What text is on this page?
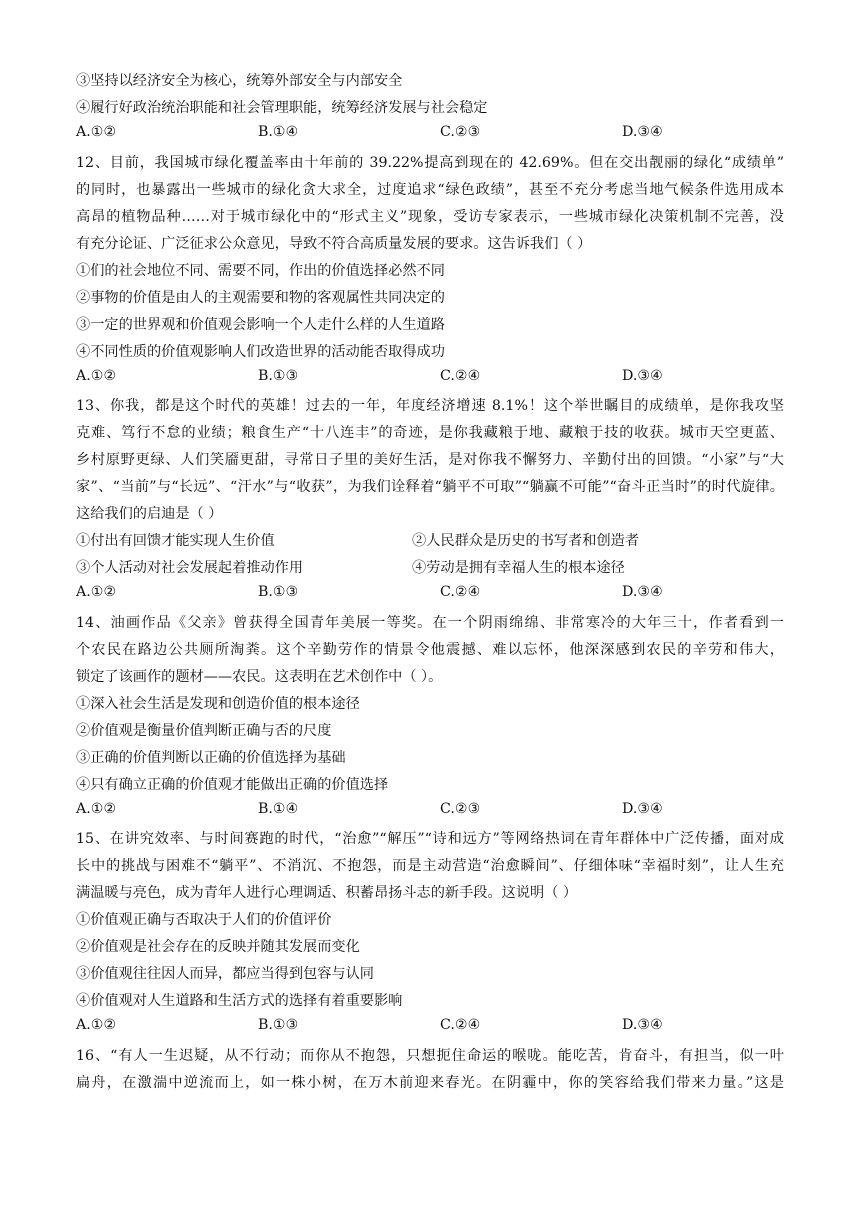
③坚持以经济安全为核心，统筹外部安全与内部安全
④履行好政治统治职能和社会管理职能，统筹经济发展与社会稳定
A.①②	B.①④	C.②③	D.③④
12、目前，我国城市绿化覆盖率由十年前的 39.22%提高到现在的 42.69%。但在交出靓丽的绿化“成绩单”
的同时，也暴露出一些城市的绿化贪大求全，过度追求“绿色政绩”，甚至不充分考虑当地气候条件选用成本
高昂的植物品种……对于城市绿化中的“形式主义”现象，受访专家表示，一些城市绿化决策机制不完善，没
有充分论证、广泛征求公众意见，导致不符合高质量发展的要求。这告诉我们（ ）
①们的社会地位不同、需要不同，作出的价值选择必然不同
②事物的价值是由人的主观需要和物的客观属性共同决定的
③一定的世界观和价值观会影响一个人走什么样的人生道路
④不同性质的价值观影响人们改造世界的活动能否取得成功
A.①②	B.①③	C.②④	D.③④
13、你我，都是这个时代的英雄！过去的一年，年度经济增速 8.1%！这个举世瞩目的成绩单，是你我攻坚
克难、笃行不怠的业绩；粮食生产“十八连丰”的奇迹，是你我藏粮于地、藏粮于技的收获。城市天空更蓝、
乡村原野更绿、人们笑靥更甜，寻常日子里的美好生活，是对你我不懈努力、辛勤付出的回馈。“小家”与“大
家”、“当前”与“长远”、“汗水”与“收获”，为我们诠释着“躺平不可取”“躺赢不可能”“奋斗正当时”的时代旋律。
这给我们的启迪是（ ）
①付出有回馈才能实现人生价值	②人民群众是历史的书写者和创造者
③个人活动对社会发展起着推动作用	④劳动是拥有幸福人生的根本途径
A.①②	B.①③	C.②④	D.③④
14、油画作品《父亲》曾获得全国青年美展一等奖。在一个阴雨绵绵、非常寒冷的大年三十，作者看到一
个农民在路边公共厕所淘粪。这个辛勤劳作的情景令他震撼、难以忘怀，他深深感到农民的辛劳和伟大，
锁定了该画作的题材——农民。这表明在艺术创作中（ ）。
①深入社会生活是发现和创造价值的根本途径
②价值观是衡量价值判断正确与否的尺度
③正确的价值判断以正确的价值选择为基础
④只有确立正确的价值观才能做出正确的价值选择
A.①②	B.①④	C.②③	D.③④
15、在讲究效率、与时间赛跑的时代，“治愈”“解压”“诗和远方”等网络热词在青年群体中广泛传播，面对成
长中的挑战与困难不“躺平”、不消沉、不抱怨，而是主动营造“治愈瞬间”、仔细体味“幸福时刻”，让人生充
满温暖与亮色，成为青年人进行心理调适、积蓄昂扬斗志的新手段。这说明（ ）
①价值观正确与否取决于人们的价值评价
②价值观是社会存在的反映并随其发展而变化
③价值观往往因人而异，都应当得到包容与认同
④价值观对人生道路和生活方式的选择有着重要影响
A.①②	B.①③	C.②④	D.③④
16、“有人一生迟疑，从不行动；而你从不抱怨，只想扼住命运的喉咙。能吃苦，肯奋斗，有担当，似一叶
扁舟，在激湍中逆流而上，如一株小树，在万木前迎来春光。在阴霾中，你的笑容给我们带来力量。”这是
